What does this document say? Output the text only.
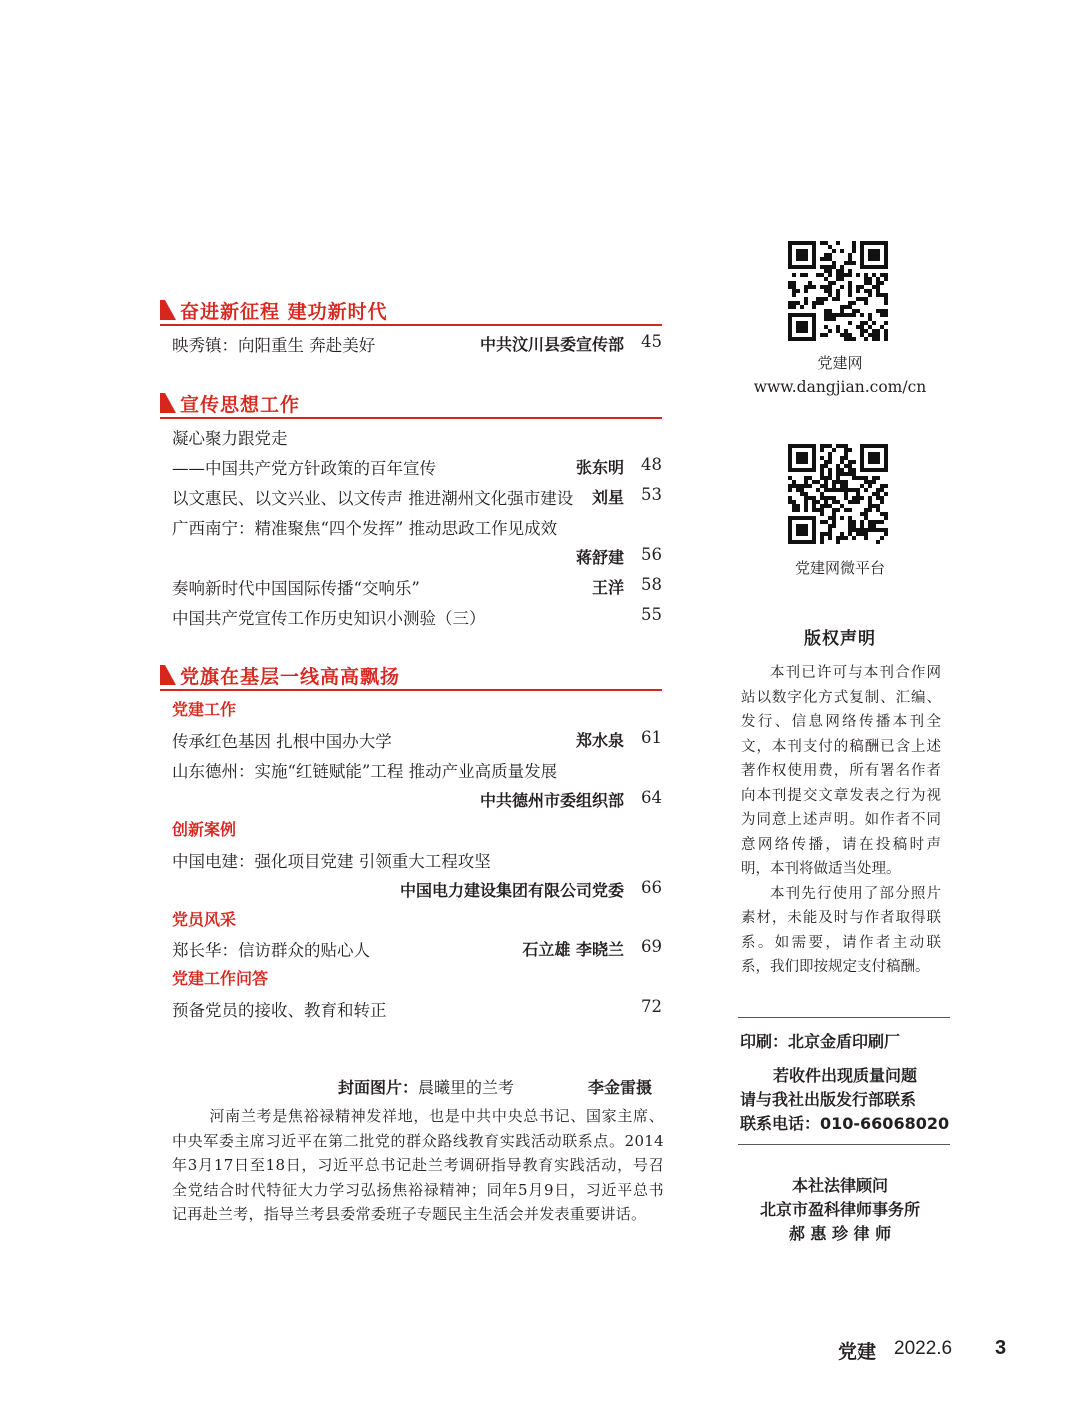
奋进新征程 建功新时代
映秀镇：向阳重生 奔赴美好	中共汶川县委宣传部 45
宣传思想工作
凝心聚力跟党走
——中国共产党方针政策的百年宣传	张东明 48
以文惠民、以文兴业、以文传声 推进潮州文化强市建设 刘星 53
广西南宁：精准聚焦“四个发挥” 推动思政工作见成效
蒋舒建 56
奏响新时代中国国际传播“交响乐”	王洋 58
中国共产党宣传工作历史知识小测验（三）	55
党旗在基层一线高高飘扬
党建工作
传承红色基因 扎根中国办大学	郑水泉 61
山东德州：实施“红链赋能”工程 推动产业高质量发展
中共德州市委组织部 64
创新案例
中国电建：强化项目党建 引领重大工程攻坚
中国电力建设集团有限公司党委 66
党员风采
郑长华：信访群众的贴心人	石立雄 李晓兰 69
党建工作问答
预备党员的接收、教育和转正	72
封面图片：晨曦里的兰考	李金雷摄

河南兰考是焦裕禄精神发祥地，也是中共中央总书记、国家主席、中央军委主席习近平在第二批党的群众路线教育实践活动联系点。2014年3月17日至18日，习近平总书记赴兰考调研指导教育实践活动，号召全党结合时代特征大力学习弘扬焦裕禄精神；同年5月9日，习近平总书记再赴兰考，指导兰考县委常委班子专题民主生活会并发表重要讲话。

党建网
www.dangjian.com/cn
党建网微平台
版权声明

本刊已许可与本刊合作网站以数字化方式复制、汇编、发行、信息网络传播本刊全文，本刊支付的稿酬已含上述著作权使用费，所有署名作者向本刊提交文章发表之行为视为同意上述声明。如作者不同意网络传播，请在投稿时声明，本刊将做适当处理。

本刊先行使用了部分照片素材，未能及时与作者取得联系。如需要，请作者主动联系，我们即按规定支付稿酬。

印刷：北京金盾印刷厂
若收件出现质量问题
请与我社出版发行部联系
联系电话：010-66068020
本社法律顾问
北京市盈科律师事务所
郝 惠 珍 律 师
党建 2022.6 3
